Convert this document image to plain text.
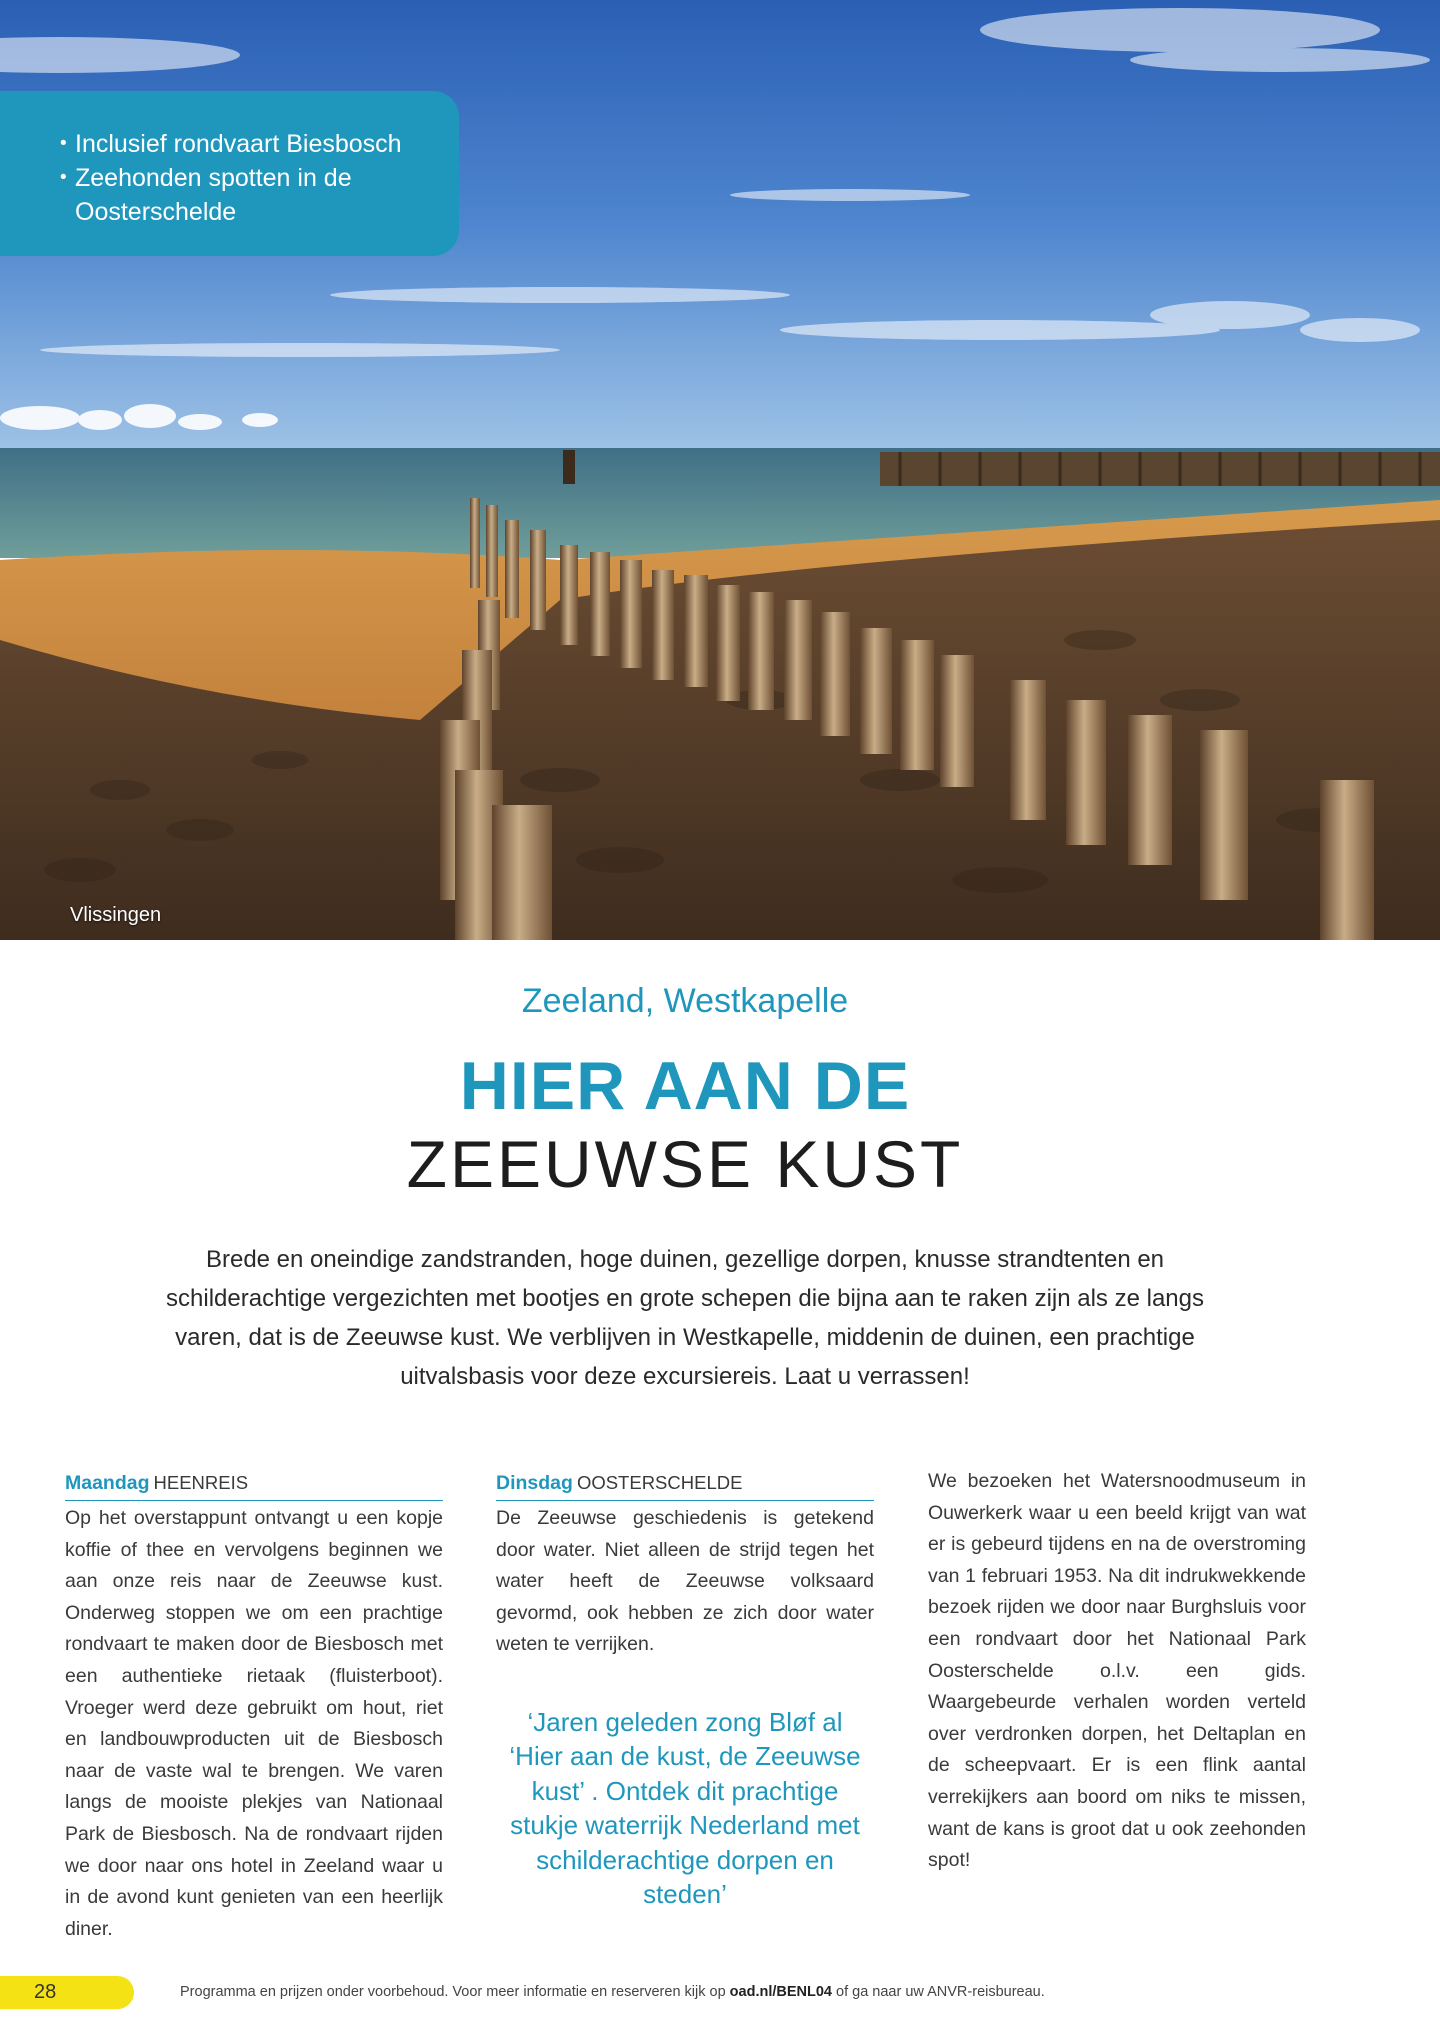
• Inclusief rondvaart Biesbosch
• Zeehonden spotten in de Oosterschelde
Vlissingen
Zeeland, Westkapelle
HIER AAN DE
ZEEUWSE KUST
Brede en oneindige zandstranden, hoge duinen, gezellige dorpen, knusse strandtenten en schilderachtige vergezichten met bootjes en grote schepen die bijna aan te raken zijn als ze langs varen, dat is de Zeeuwse kust. We verblijven in Westkapelle, middenin de duinen, een prachtige uitvalsbasis voor deze excursiereis. Laat u verrassen!
Maandag HEENREIS

Op het overstappunt ontvangt u een kopje koffie of thee en vervolgens beginnen we aan onze reis naar de Zeeuwse kust. Onderweg stoppen we om een prachtige rondvaart te maken door de Biesbosch met een authentieke rietaak (fluisterboot). Vroeger werd deze gebruikt om hout, riet en landbouwproducten uit de Biesbosch naar de vaste wal te brengen. We varen langs de mooiste plekjes van Nationaal Park de Biesbosch. Na de rondvaart rijden we door naar ons hotel in Zeeland waar u in de avond kunt genieten van een heerlijk diner.

Dinsdag OOSTERSCHELDE

De Zeeuwse geschiedenis is getekend door water. Niet alleen de strijd tegen het water heeft de Zeeuwse volksaard gevormd, ook hebben ze zich door water weten te verrijken.

‘Jaren geleden zong Bløf al ‘Hier aan de kust, de Zeeuwse kust’ . Ontdek dit prachtige stukje waterrijk Nederland met schilderachtige dorpen en steden’

We bezoeken het Watersnoodmuseum in Ouwerkerk waar u een beeld krijgt van wat er is gebeurd tijdens en na de overstroming van 1 februari 1953. Na dit indrukwekkende bezoek rijden we door naar Burghsluis voor een rondvaart door het Nationaal Park Oosterschelde o.l.v. een gids. Waargebeurde verhalen worden verteld over verdronken dorpen, het Deltaplan en de scheepvaart. Er is een flink aantal verrekijkers aan boord om niks te missen, want de kans is groot dat u ook zeehonden spot!

28	Programma en prijzen onder voorbehoud. Voor meer informatie en reserveren kijk op oad.nl/BENL04 of ga naar uw ANVR-reisbureau.
